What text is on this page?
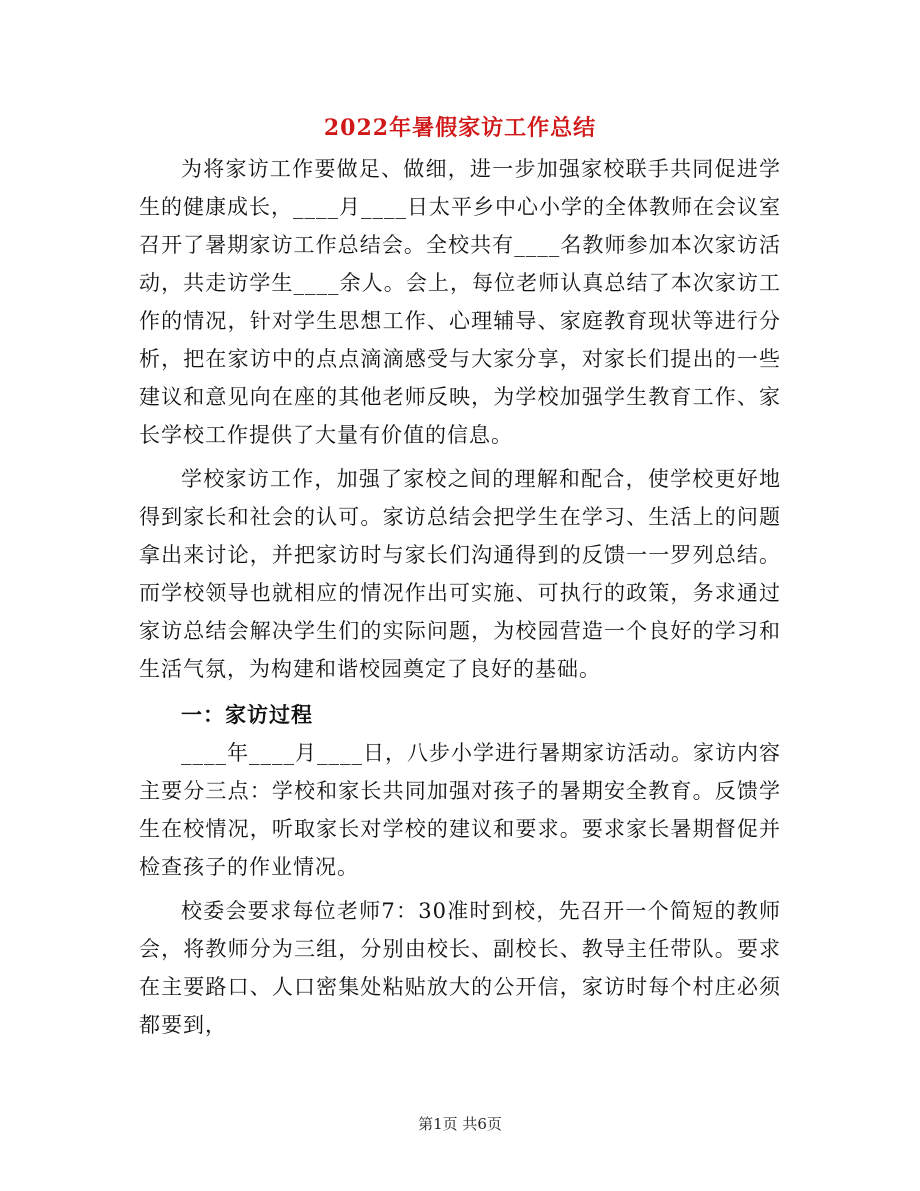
2022年暑假家访工作总结

为将家访工作要做足、做细，进一步加强家校联手共同促进学生的健康成长，____月____日太平乡中心小学的全体教师在会议室召开了暑期家访工作总结会。全校共有____名教师参加本次家访活动，共走访学生____余人。会上，每位老师认真总结了本次家访工作的情况，针对学生思想工作、心理辅导、家庭教育现状等进行分析，把在家访中的点点滴滴感受与大家分享，对家长们提出的一些建议和意见向在座的其他老师反映，为学校加强学生教育工作、家长学校工作提供了大量有价值的信息。

学校家访工作，加强了家校之间的理解和配合，使学校更好地得到家长和社会的认可。家访总结会把学生在学习、生活上的问题拿出来讨论，并把家访时与家长们沟通得到的反馈一一罗列总结。而学校领导也就相应的情况作出可实施、可执行的政策，务求通过家访总结会解决学生们的实际问题，为校园营造一个良好的学习和生活气氛，为构建和谐校园奠定了良好的基础。

一：家访过程

____年____月____日，八步小学进行暑期家访活动。家访内容主要分三点：学校和家长共同加强对孩子的暑期安全教育。反馈学生在校情况，听取家长对学校的建议和要求。要求家长暑期督促并检查孩子的作业情况。

校委会要求每位老师7：30准时到校，先召开一个简短的教师会，将教师分为三组，分别由校长、副校长、教导主任带队。要求在主要路口、人口密集处粘贴放大的公开信，家访时每个村庄必须都要到，

第1页 共6页
